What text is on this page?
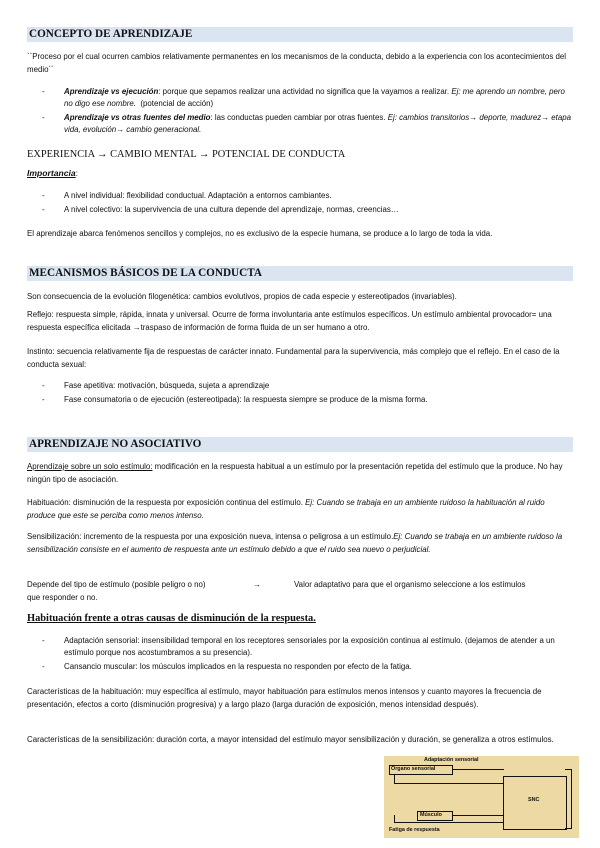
CONCEPTO DE APRENDIZAJE
``Proceso por el cual ocurren cambios relativamente permanentes en los mecanismos de la conducta, debido a la experiencia con los acontecimientos del medio´´
- Aprendizaje vs ejecución: porque que sepamos realizar una actividad no significa que la vayamos a realizar. Ej: me aprendo un nombre, pero no digo ese nombre. (potencial de acción)
- Aprendizaje vs otras fuentes del medio: las conductas pueden cambiar por otras fuentes. Ej: cambios transitorios→ deporte, madurez→ etapa vida, evolución→ cambio generacional.
EXPERIENCIA → CAMBIO MENTAL → POTENCIAL DE CONDUCTA
Importancia:
- A nivel individual: flexibilidad conductual. Adaptación a entornos cambiantes.
- A nivel colectivo: la supervivencia de una cultura depende del aprendizaje, normas, creencias…
El aprendizaje abarca fenómenos sencillos y complejos, no es exclusivo de la especie humana, se produce a lo largo de toda la vida.
MECANISMOS BÁSICOS DE LA CONDUCTA
Son consecuencia de la evolución filogenética: cambios evolutivos, propios de cada especie y estereotipados (invariables).
Reflejo: respuesta simple, rápida, innata y universal. Ocurre de forma involuntaria ante estímulos específicos. Un estímulo ambiental provocador= una respuesta específica elicitada →traspaso de información de forma fluida de un ser humano a otro.
Instinto: secuencia relativamente fija de respuestas de carácter innato. Fundamental para la supervivencia, más complejo que el reflejo. En el caso de la conducta sexual:
- Fase apetitiva: motivación, búsqueda, sujeta a aprendizaje
- Fase consumatoria o de ejecución (estereotipada): la respuesta siempre se produce de la misma forma.
APRENDIZAJE NO ASOCIATIVO
Aprendizaje sobre un solo estímulo: modificación en la respuesta habitual a un estímulo por la presentación repetida del estímulo que la produce. No hay ningún tipo de asociación.
Habituación: disminución de la respuesta por exposición continua del estímulo. Ej: Cuando se trabaja en un ambiente ruidoso la habituación al ruido produce que este se perciba como menos intenso.
Sensibilización: incremento de la respuesta por una exposición nueva, intensa o peligrosa a un estímulo.Ej: Cuando se trabaja en un ambiente ruidoso la sensibilización consiste en el aumento de respuesta ante un estímulo debido a que el ruido sea nuevo o perjudicial.
Depende del tipo de estímulo (posible peligro o no)	→	Valor adaptativo para que el organismo seleccione a los estímulos
que responder o no.
Habituación frente a otras causas de disminución de la respuesta.
- Adaptación sensorial: insensibilidad temporal en los receptores sensoriales por la exposición continua al estímulo. (dejamos de atender a un estímulo porque nos acostumbramos a su presencia).
- Cansancio muscular: los músculos implicados en la respuesta no responden por efecto de la fatiga.
Características de la habituación: muy específica al estímulo, mayor habituación para estímulos menos intensos y cuanto mayores la frecuencia de presentación, efectos a corto (disminución progresiva) y a largo plazo (larga duración de exposición, menos intensidad después).
Características de la sensibilización: duración corta, a mayor intensidad del estímulo mayor sensibilización y duración, se generaliza a otros estímulos.
Adaptación sensorial
Órgano sensorial
SNC
Músculo
Fatiga de respuesta
